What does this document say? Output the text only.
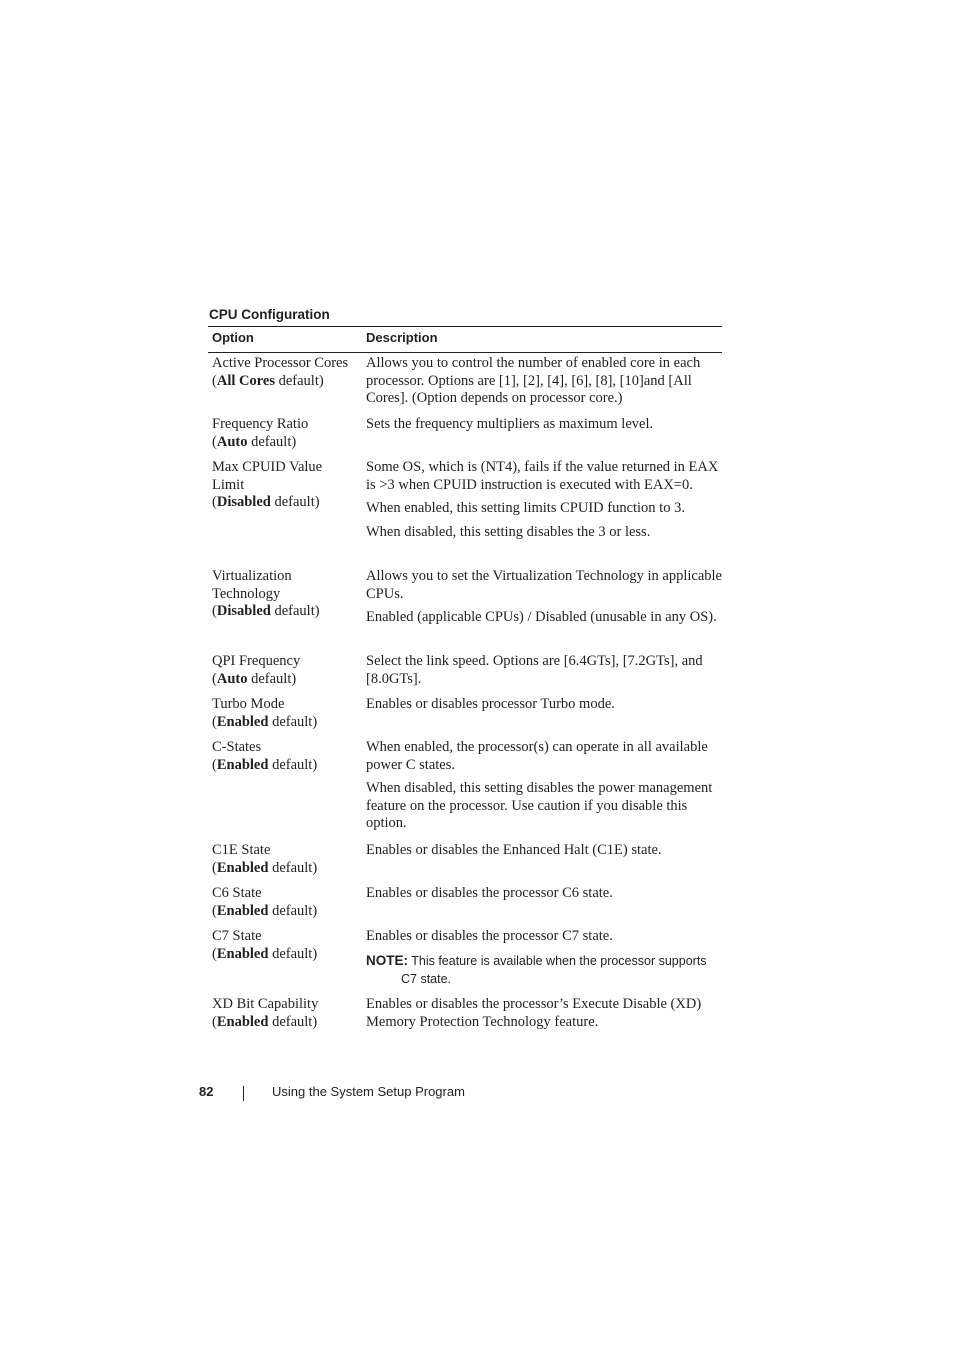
CPU Configuration
Option	Description
Active Processor Cores
(All Cores default)
Allows you to control the number of enabled core in each processor. Options are [1], [2], [4], [6], [8], [10]and [All Cores]. (Option depends on processor core.)
Frequency Ratio
(Auto default)
Sets the frequency multipliers as maximum level.
Max CPUID Value
Limit
(Disabled default)
Some OS, which is (NT4), fails if the value returned in EAX is >3 when CPUID instruction is executed with EAX=0.
When enabled, this setting limits CPUID function to 3.
When disabled, this setting disables the 3 or less.
Virtualization
Technology
(Disabled default)
Allows you to set the Virtualization Technology in applicable CPUs.
Enabled (applicable CPUs) / Disabled (unusable in any OS).
QPI Frequency
(Auto default)
Select the link speed. Options are [6.4GTs], [7.2GTs], and [8.0GTs].
Turbo Mode
(Enabled default)
Enables or disables processor Turbo mode.
C-States
(Enabled default)
When enabled, the processor(s) can operate in all available power C states.
When disabled, this setting disables the power management feature on the processor. Use caution if you disable this option.
C1E State
(Enabled default)
Enables or disables the Enhanced Halt (C1E) state.
C6 State
(Enabled default)
Enables or disables the processor C6 state.
C7 State
(Enabled default)
Enables or disables the processor C7 state.
NOTE: This feature is available when the processor supports
C7 state.
XD Bit Capability
(Enabled default)
Enables or disables the processor’s Execute Disable (XD) Memory Protection Technology feature.
82	Using the System Setup Program
